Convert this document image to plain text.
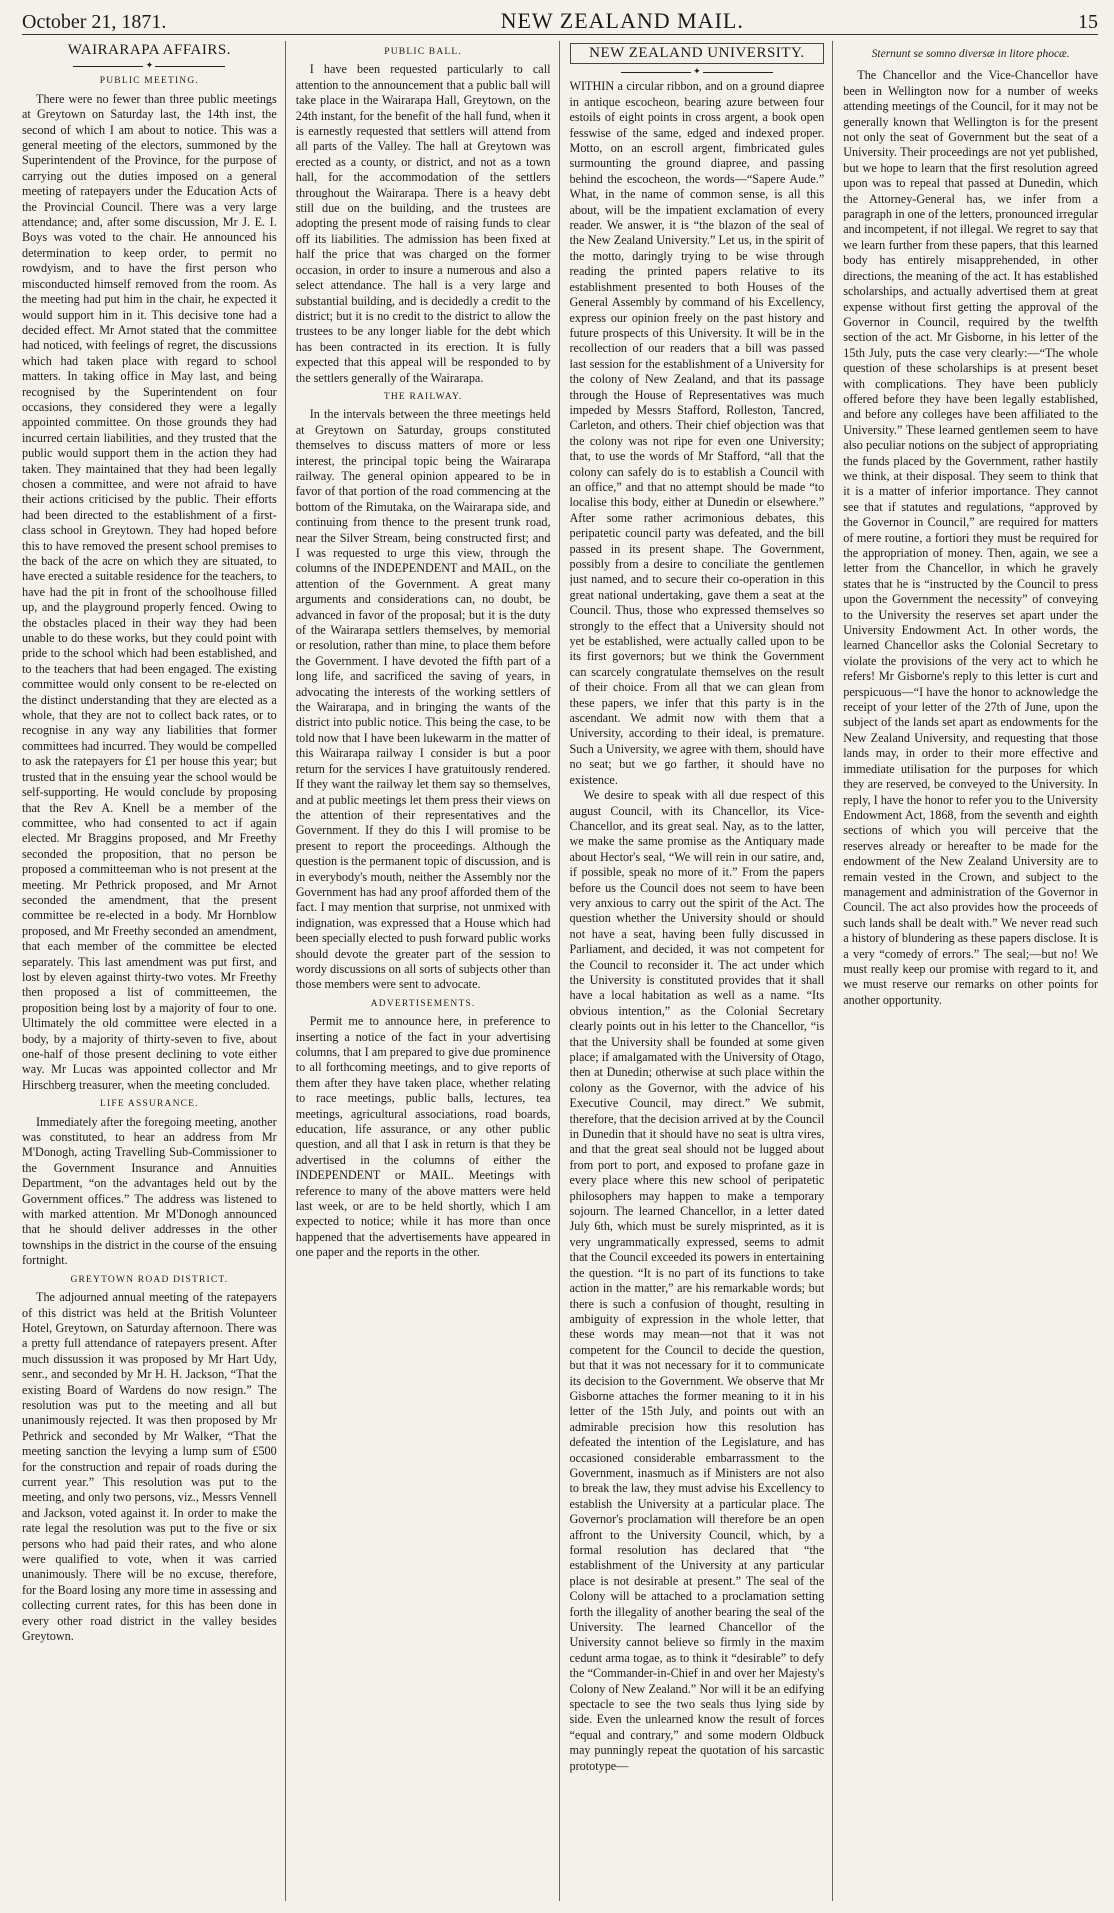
October 21, 1871.	NEW ZEALAND MAIL.	15
WAIRARAPA AFFAIRS.
✦
PUBLIC MEETING.

There were no fewer than three public meetings at Greytown on Saturday last, the 14th inst, the second of which I am about to notice. This was a general meeting of the electors, summoned by the Superintendent of the Province, for the purpose of carrying out the duties imposed on a general meeting of ratepayers under the Education Acts of the Provincial Council. There was a very large attendance; and, after some discussion, Mr J. E. I. Boys was voted to the chair. He announced his determination to keep order, to permit no rowdyism, and to have the first person who misconducted himself removed from the room. As the meeting had put him in the chair, he expected it would support him in it. This decisive tone had a decided effect. Mr Arnot stated that the committee had noticed, with feelings of regret, the discussions which had taken place with regard to school matters. In taking office in May last, and being recognised by the Superintendent on four occasions, they considered they were a legally appointed committee. On those grounds they had incurred certain liabilities, and they trusted that the public would support them in the action they had taken. They maintained that they had been legally chosen a committee, and were not afraid to have their actions criticised by the public. Their efforts had been directed to the establishment of a first-class school in Greytown. They had hoped before this to have removed the present school premises to the back of the acre on which they are situated, to have erected a suitable residence for the teachers, to have had the pit in front of the schoolhouse filled up, and the playground properly fenced. Owing to the obstacles placed in their way they had been unable to do these works, but they could point with pride to the school which had been established, and to the teachers that had been engaged. The existing committee would only consent to be re-elected on the distinct understanding that they are elected as a whole, that they are not to collect back rates, or to recognise in any way any liabilities that former committees had incurred. They would be compelled to ask the ratepayers for £1 per house this year; but trusted that in the ensuing year the school would be self-supporting. He would conclude by proposing that the Rev A. Knell be a member of the committee, who had consented to act if again elected. Mr Braggins proposed, and Mr Freethy seconded the proposition, that no person be proposed a committeeman who is not present at the meeting. Mr Pethrick proposed, and Mr Arnot seconded the amendment, that the present committee be re-elected in a body. Mr Hornblow proposed, and Mr Freethy seconded an amendment, that each member of the committee be elected separately. This last amendment was put first, and lost by eleven against thirty-two votes. Mr Freethy then proposed a list of committeemen, the proposition being lost by a majority of four to one. Ultimately the old committee were elected in a body, by a majority of thirty-seven to five, about one-half of those present declining to vote either way. Mr Lucas was appointed collector and Mr Hirschberg treasurer, when the meeting concluded.

LIFE ASSURANCE.

Immediately after the foregoing meeting, another was constituted, to hear an address from Mr M'Donogh, acting Travelling Sub-Commissioner to the Government Insurance and Annuities Department, “on the advantages held out by the Government offices.” The address was listened to with marked attention. Mr M'Donogh announced that he should deliver addresses in the other townships in the district in the course of the ensuing fortnight.

GREYTOWN ROAD DISTRICT.

The adjourned annual meeting of the ratepayers of this district was held at the British Volunteer Hotel, Greytown, on Saturday afternoon. There was a pretty full attendance of ratepayers present. After much dissussion it was proposed by Mr Hart Udy, senr., and seconded by Mr H. H. Jackson, “That the existing Board of Wardens do now resign.” The resolution was put to the meeting and all but unanimously rejected. It was then proposed by Mr Pethrick and seconded by Mr Walker, “That the meeting sanction the levying a lump sum of £500 for the construction and repair of roads during the current year.” This resolution was put to the meeting, and only two persons, viz., Messrs Vennell and Jackson, voted against it. In order to make the rate legal the resolution was put to the five or six persons who had paid their rates, and who alone were qualified to vote, when it was carried unanimously. There will be no excuse, therefore, for the Board losing any more time in assessing and collecting current rates, for this has been done in every other road district in the valley besides Greytown.

PUBLIC BALL.

I have been requested particularly to call attention to the announcement that a public ball will take place in the Wairarapa Hall, Greytown, on the 24th instant, for the benefit of the hall fund, when it is earnestly requested that settlers will attend from all parts of the Valley. The hall at Greytown was erected as a county, or district, and not as a town hall, for the accommodation of the settlers throughout the Wairarapa. There is a heavy debt still due on the building, and the trustees are adopting the present mode of raising funds to clear off its liabilities. The admission has been fixed at half the price that was charged on the former occasion, in order to insure a numerous and also a select attendance. The hall is a very large and substantial building, and is decidedly a credit to the district; but it is no credit to the district to allow the trustees to be any longer liable for the debt which has been contracted in its erection. It is fully expected that this appeal will be responded to by the settlers generally of the Wairarapa.

THE RAILWAY.

In the intervals between the three meetings held at Greytown on Saturday, groups constituted themselves to discuss matters of more or less interest, the principal topic being the Wairarapa railway. The general opinion appeared to be in favor of that portion of the road commencing at the bottom of the Rimutaka, on the Wairarapa side, and continuing from thence to the present trunk road, near the Silver Stream, being constructed first; and I was requested to urge this view, through the columns of the INDEPENDENT and MAIL, on the attention of the Government. A great many arguments and considerations can, no doubt, be advanced in favor of the proposal; but it is the duty of the Wairarapa settlers themselves, by memorial or resolution, rather than mine, to place them before the Government. I have devoted the fifth part of a long life, and sacrificed the saving of years, in advocating the interests of the working settlers of the Wairarapa, and in bringing the wants of the district into public notice. This being the case, to be told now that I have been lukewarm in the matter of this Wairarapa railway I consider is but a poor return for the services I have gratuitously rendered. If they want the railway let them say so themselves, and at public meetings let them press their views on the attention of their representatives and the Government. If they do this I will promise to be present to report the proceedings. Although the question is the permanent topic of discussion, and is in everybody's mouth, neither the Assembly nor the Government has had any proof afforded them of the fact. I may mention that surprise, not unmixed with indignation, was expressed that a House which had been specially elected to push forward public works should devote the greater part of the session to wordy discussions on all sorts of subjects other than those members were sent to advocate.

ADVERTISEMENTS.

Permit me to announce here, in preference to inserting a notice of the fact in your advertising columns, that I am prepared to give due prominence to all forthcoming meetings, and to give reports of them after they have taken place, whether relating to race meetings, public balls, lectures, tea meetings, agricultural associations, road boards, education, life assurance, or any other public question, and all that I ask in return is that they be advertised in the columns of either the INDEPENDENT or MAIL. Meetings with reference to many of the above matters were held last week, or are to be held shortly, which I am expected to notice; while it has more than once happened that the advertisements have appeared in one paper and the reports in the other.

NEW ZEALAND UNIVERSITY.
✦

WITHIN a circular ribbon, and on a ground diapree in antique escocheon, bearing azure between four estoils of eight points in cross argent, a book open fesswise of the same, edged and indexed proper. Motto, on an escroll argent, fimbricated gules surmounting the ground diapree, and passing behind the escocheon, the words—“Sapere Aude.” What, in the name of common sense, is all this about, will be the impatient exclamation of every reader. We answer, it is “the blazon of the seal of the New Zealand University.” Let us, in the spirit of the motto, daringly trying to be wise through reading the printed papers relative to its establishment presented to both Houses of the General Assembly by command of his Excellency, express our opinion freely on the past history and future prospects of this University. It will be in the recollection of our readers that a bill was passed last session for the establishment of a University for the colony of New Zealand, and that its passage through the House of Representatives was much impeded by Messrs Stafford, Rolleston, Tancred, Carleton, and others. Their chief objection was that the colony was not ripe for even one University; that, to use the words of Mr Stafford, “all that the colony can safely do is to establish a Council with an office,” and that no attempt should be made “to localise this body, either at Dunedin or elsewhere.” After some rather acrimonious debates, this peripatetic council party was defeated, and the bill passed in its present shape. The Government, possibly from a desire to conciliate the gentlemen just named, and to secure their co-operation in this great national undertaking, gave them a seat at the Council. Thus, those who expressed themselves so strongly to the effect that a University should not yet be established, were actually called upon to be its first governors; but we think the Government can scarcely congratulate themselves on the result of their choice. From all that we can glean from these papers, we infer that this party is in the ascendant. We admit now with them that a University, according to their ideal, is premature. Such a University, we agree with them, should have no seat; but we go farther, it should have no existence.

We desire to speak with all due respect of this august Council, with its Chancellor, its Vice-Chancellor, and its great seal. Nay, as to the latter, we make the same promise as the Antiquary made about Hector's seal, “We will rein in our satire, and, if possible, speak no more of it.” From the papers before us the Council does not seem to have been very anxious to carry out the spirit of the Act. The question whether the University should or should not have a seat, having been fully discussed in Parliament, and decided, it was not competent for the Council to reconsider it. The act under which the University is constituted provides that it shall have a local habitation as well as a name. “Its obvious intention,” as the Colonial Secretary clearly points out in his letter to the Chancellor, “is that the University shall be founded at some given place; if amalgamated with the University of Otago, then at Dunedin; otherwise at such place within the colony as the Governor, with the advice of his Executive Council, may direct.” We submit, therefore, that the decision arrived at by the Council in Dunedin that it should have no seat is ultra vires, and that the great seal should not be lugged about from port to port, and exposed to profane gaze in every place where this new school of peripatetic philosophers may happen to make a temporary sojourn. The learned Chancellor, in a letter dated July 6th, which must be surely misprinted, as it is very ungrammatically expressed, seems to admit that the Council exceeded its powers in entertaining the question. “It is no part of its functions to take action in the matter,” are his remarkable words; but there is such a confusion of thought, resulting in ambiguity of expression in the whole letter, that these words may mean—not that it was not competent for the Council to decide the question, but that it was not necessary for it to communicate its decision to the Government. We observe that Mr Gisborne attaches the former meaning to it in his letter of the 15th July, and points out with an admirable precision how this resolution has defeated the intention of the Legislature, and has occasioned considerable embarrassment to the Government, inasmuch as if Ministers are not also to break the law, they must advise his Excellency to establish the University at a particular place. The Governor's proclamation will therefore be an open affront to the University Council, which, by a formal resolution has declared that “the establishment of the University at any particular place is not desirable at present.” The seal of the Colony will be attached to a proclamation setting forth the illegality of another bearing the seal of the University. The learned Chancellor of the University cannot believe so firmly in the maxim cedunt arma togae, as to think it “desirable” to defy the “Commander-in-Chief in and over her Majesty's Colony of New Zealand.” Nor will it be an edifying spectacle to see the two seals thus lying side by side. Even the unlearned know the result of forces “equal and contrary,” and some modern Oldbuck may punningly repeat the quotation of his sarcastic prototype—

Sternunt se somno diversæ in litore phocæ.

The Chancellor and the Vice-Chancellor have been in Wellington now for a number of weeks attending meetings of the Council, for it may not be generally known that Wellington is for the present not only the seat of Government but the seat of a University. Their proceedings are not yet published, but we hope to learn that the first resolution agreed upon was to repeal that passed at Dunedin, which the Attorney-General has, we infer from a paragraph in one of the letters, pronounced irregular and incompetent, if not illegal. We regret to say that we learn further from these papers, that this learned body has entirely misapprehended, in other directions, the meaning of the act. It has established scholarships, and actually advertised them at great expense without first getting the approval of the Governor in Council, required by the twelfth section of the act. Mr Gisborne, in his letter of the 15th July, puts the case very clearly:—“The whole question of these scholarships is at present beset with complications. They have been publicly offered before they have been legally established, and before any colleges have been affiliated to the University.” These learned gentlemen seem to have also peculiar notions on the subject of appropriating the funds placed by the Government, rather hastily we think, at their disposal. They seem to think that it is a matter of inferior importance. They cannot see that if statutes and regulations, “approved by the Governor in Council,” are required for matters of mere routine, a fortiori they must be required for the appropriation of money. Then, again, we see a letter from the Chancellor, in which he gravely states that he is “instructed by the Council to press upon the Government the necessity” of conveying to the University the reserves set apart under the University Endowment Act. In other words, the learned Chancellor asks the Colonial Secretary to violate the provisions of the very act to which he refers! Mr Gisborne's reply to this letter is curt and perspicuous—“I have the honor to acknowledge the receipt of your letter of the 27th of June, upon the subject of the lands set apart as endowments for the New Zealand University, and requesting that those lands may, in order to their more effective and immediate utilisation for the purposes for which they are reserved, be conveyed to the University. In reply, I have the honor to refer you to the University Endowment Act, 1868, from the seventh and eighth sections of which you will perceive that the reserves already or hereafter to be made for the endowment of the New Zealand University are to remain vested in the Crown, and subject to the management and administration of the Governor in Council. The act also provides how the proceeds of such lands shall be dealt with.” We never read such a history of blundering as these papers disclose. It is a very “comedy of errors.” The seal;—but no! We must really keep our promise with regard to it, and we must reserve our remarks on other points for another opportunity.
